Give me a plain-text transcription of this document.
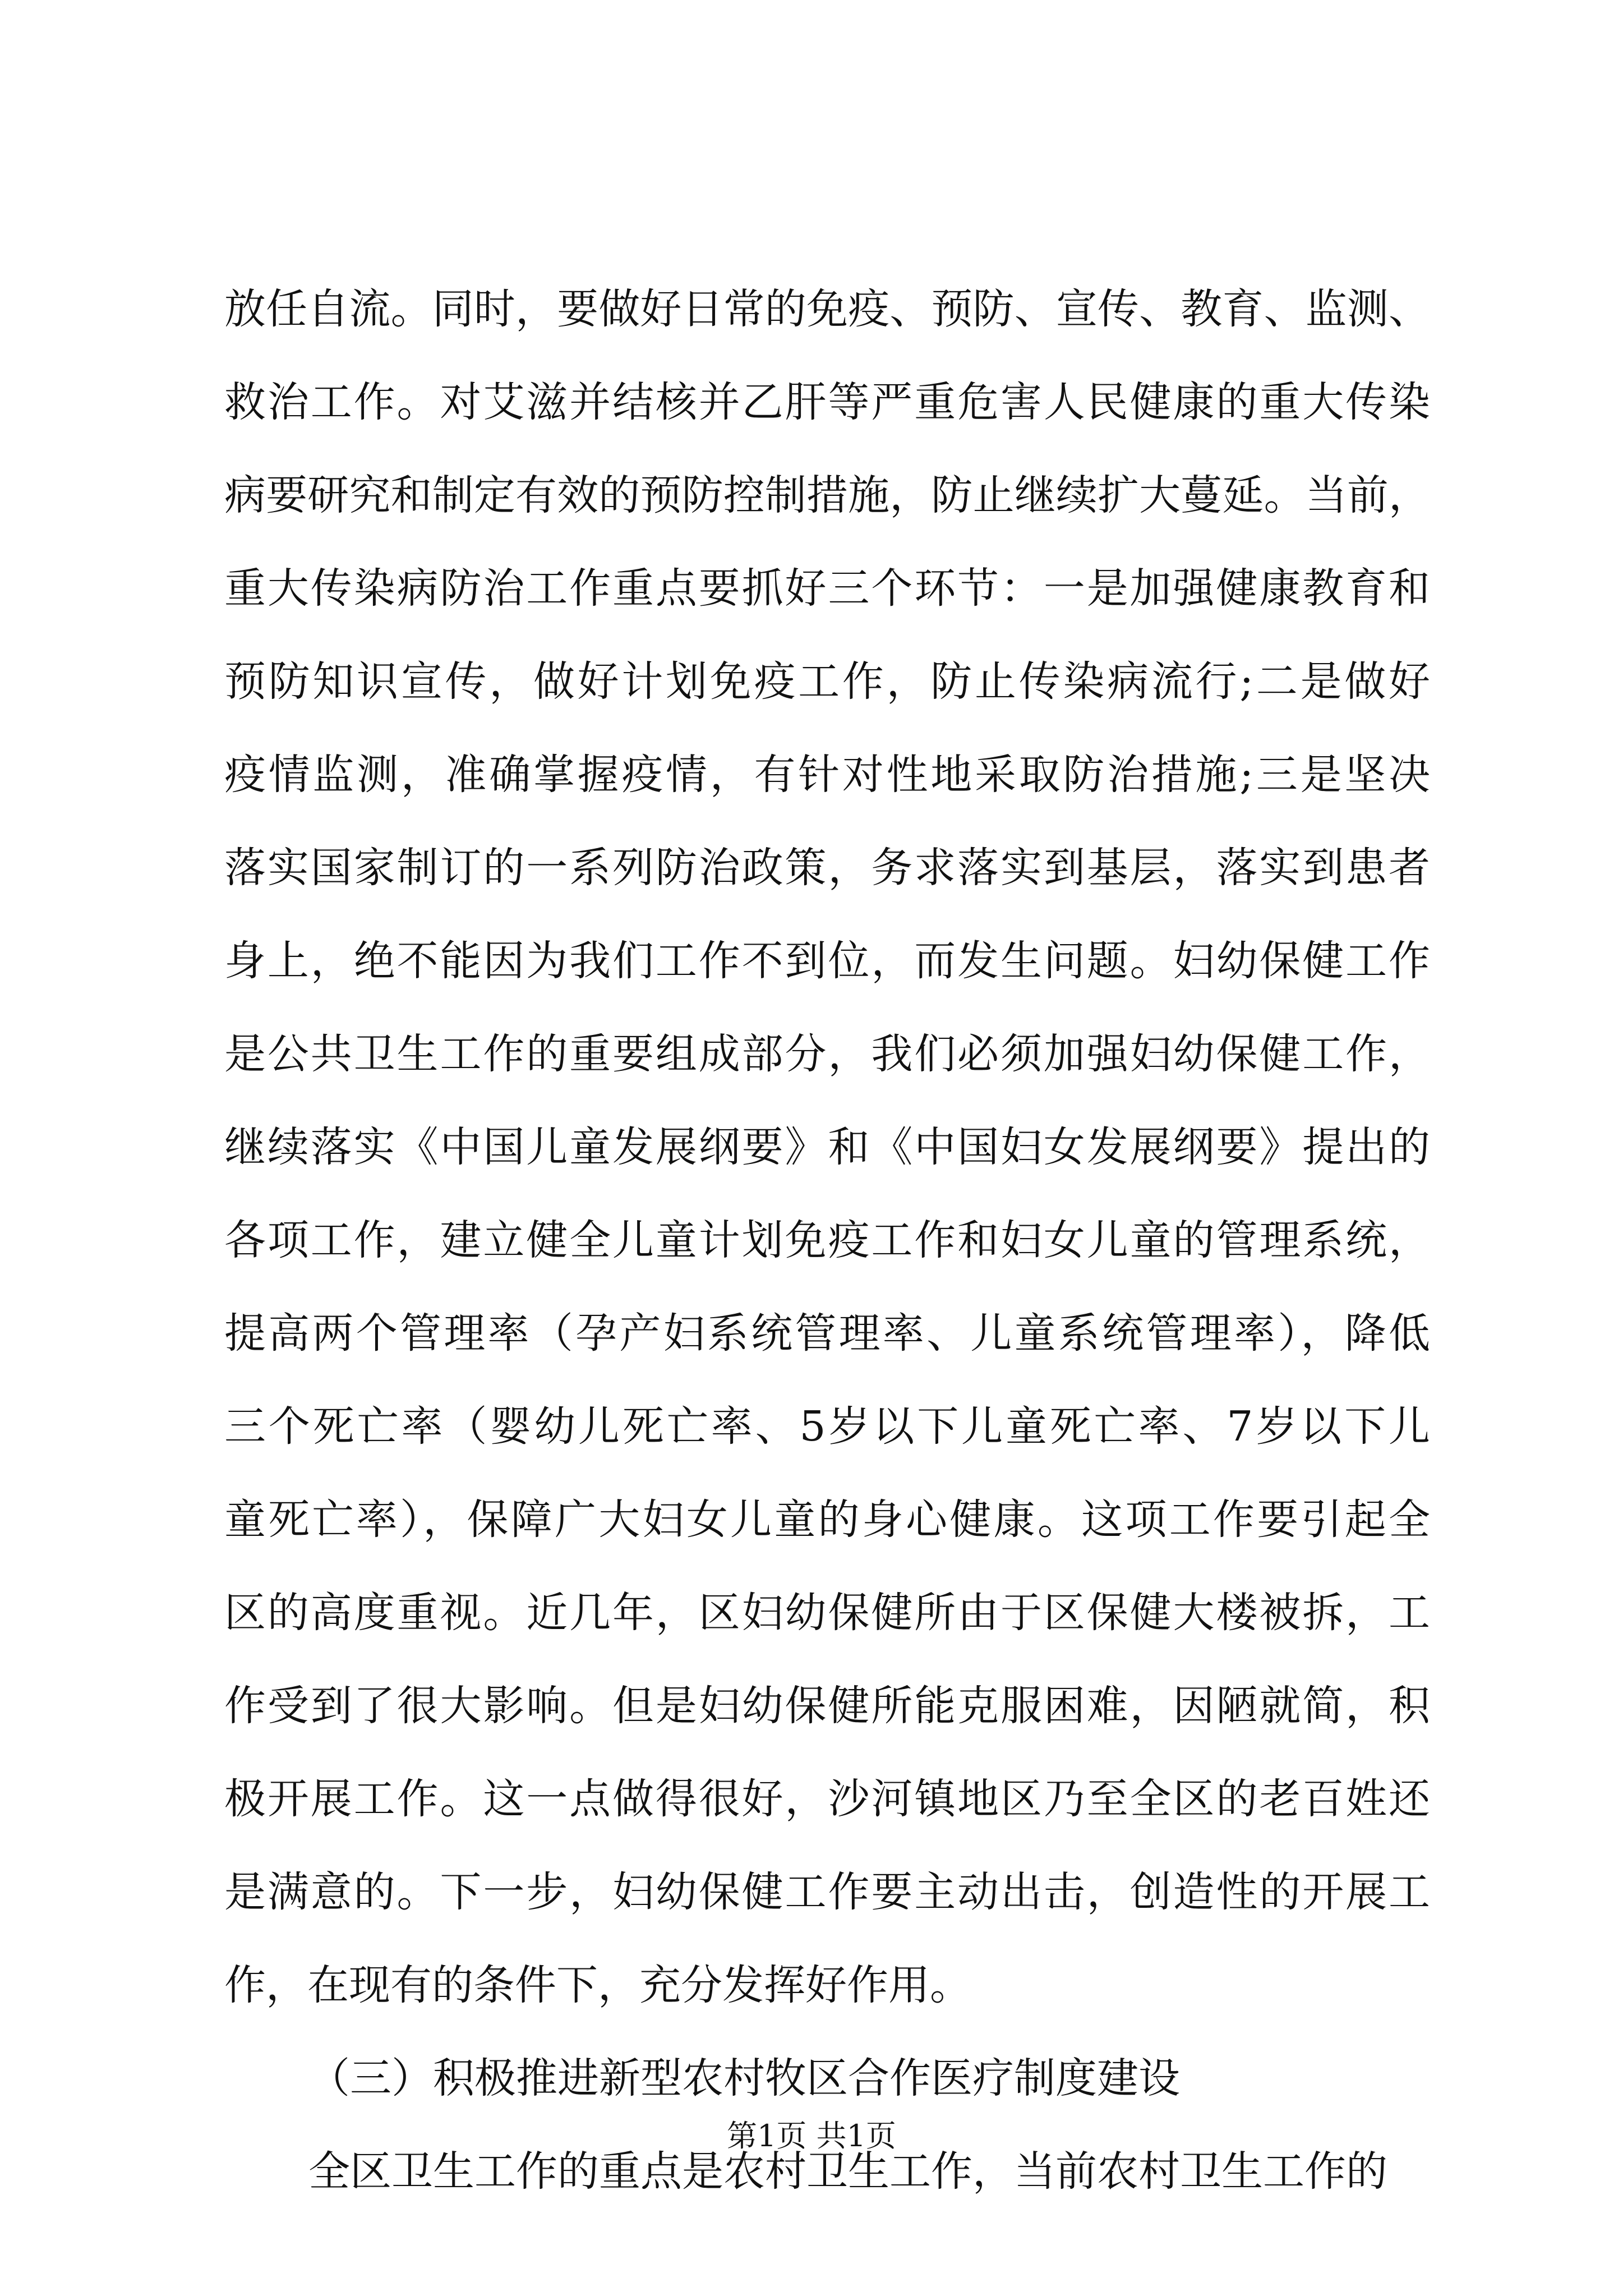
放任自流。同时，要做好日常的免疫、预防、宣传、教育、监测、
救治工作。对艾滋并结核并乙肝等严重危害人民健康的重大传染
病要研究和制定有效的预防控制措施，防止继续扩大蔓延。当前，
重大传染病防治工作重点要抓好三个环节：一是加强健康教育和
预防知识宣传，做好计划免疫工作，防止传染病流行;二是做好
疫情监测，准确掌握疫情，有针对性地采取防治措施;三是坚决
落实国家制订的一系列防治政策，务求落实到基层，落实到患者
身上，绝不能因为我们工作不到位，而发生问题。妇幼保健工作
是公共卫生工作的重要组成部分，我们必须加强妇幼保健工作，
继续落实《中国儿童发展纲要》和《中国妇女发展纲要》提出的
各项工作，建立健全儿童计划免疫工作和妇女儿童的管理系统，
提高两个管理率（孕产妇系统管理率、儿童系统管理率），降低
三个死亡率（婴幼儿死亡率、5岁以下儿童死亡率、7岁以下儿
童死亡率），保障广大妇女儿童的身心健康。这项工作要引起全
区的高度重视。近几年，区妇幼保健所由于区保健大楼被拆，工
作受到了很大影响。但是妇幼保健所能克服困难，因陋就简，积
极开展工作。这一点做得很好，沙河镇地区乃至全区的老百姓还
是满意的。下一步，妇幼保健工作要主动出击，创造性的开展工
作，在现有的条件下，充分发挥好作用。
（三）积极推进新型农村牧区合作医疗制度建设
全区卫生工作的重点是农村卫生工作，当前农村卫生工作的
第1页 共1页
